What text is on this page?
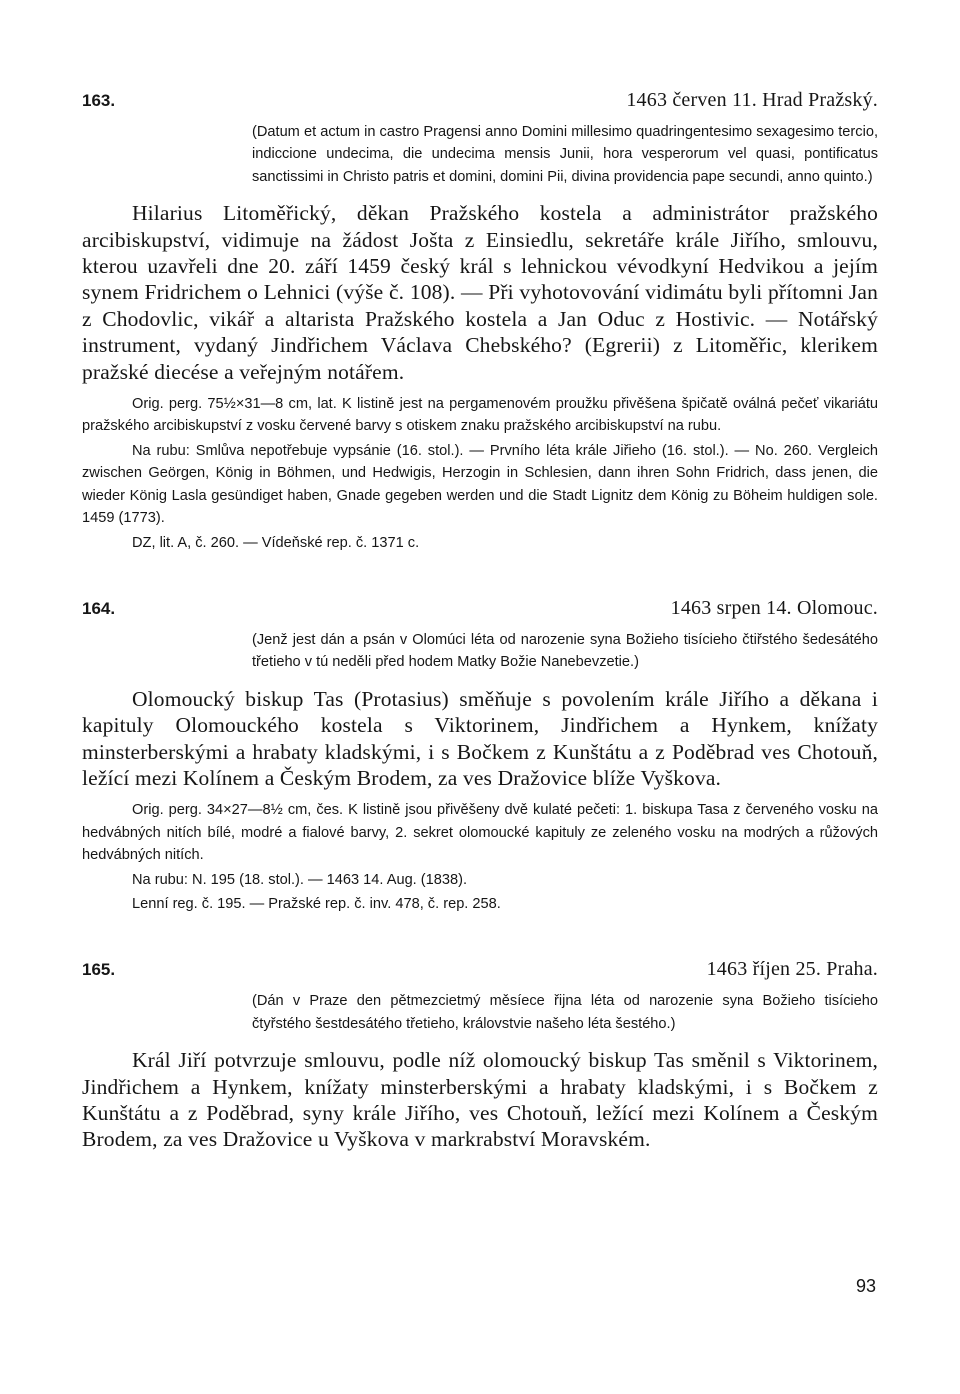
163.	1463 červen 11. Hrad Pražský.
(Datum et actum in castro Pragensi anno Domini millesimo quadringentesimo sexagesimo tercio, indiccione undecima, die undecima mensis Junii, hora vesperorum vel quasi, pontificatus sanctissimi in Christo patris et domini, domini Pii, divina providencia pape secundi, anno quinto.)
Hilarius Litoměřický, děkan Pražského kostela a administrátor pražského arcibiskupství, vidimuje na žádost Jošta z Einsiedlu, sekretáře krále Jiřího, smlouvu, kterou uzavřeli dne 20. září 1459 český král s lehnickou vévodkyní Hedvikou a jejím synem Fridrichem o Lehnici (výše č. 108). — Při vyhotovování vidimátu byli přítomni Jan z Chodovlic, vikář a altarista Pražského kostela a Jan Oduc z Hostivic. — Notářský instrument, vydaný Jindřichem Václava Chebského? (Egrerii) z Litoměřic, klerikem pražské diecése a veřejným notářem.

Orig. perg. 75½×31—8 cm, lat. K listině jest na pergamenovém proužku přivěšena špičatě oválná pečeť vikariátu pražského arcibiskupství z vosku červené barvy s otiskem znaku pražského arcibiskupství na rubu.

Na rubu: Smlůva nepotřebuje vypsánie (16. stol.). — Prvního léta krále Jiřieho (16. stol.). — No. 260. Vergleich zwischen Geörgen, König in Böhmen, und Hedwigis, Herzogin in Schlesien, dann ihren Sohn Fridrich, dass jenen, die wieder König Lasla gesündiget haben, Gnade gegeben werden und die Stadt Lignitz dem König zu Böheim huldigen sole. 1459 (1773).

DZ, lit. A, č. 260. — Vídeňské rep. č. 1371 c.

164.	1463 srpen 14. Olomouc.
(Jenž jest dán a psán v Olomúci léta od narozenie syna Božieho tisícieho čtiřstého šedesátého třetieho v tú neděli před hodem Matky Božie Nanebevzetie.)
Olomoucký biskup Tas (Protasius) směňuje s povolením krále Jiřího a děkana i kapituly Olomouckého kostela s Viktorinem, Jindřichem a Hynkem, knížaty minsterberskými a hrabaty kladskými, i s Bočkem z Kunštátu a z Poděbrad ves Chotouň, ležící mezi Kolínem a Českým Brodem, za ves Dražovice blíže Vyškova.

Orig. perg. 34×27—8½ cm, čes. K listině jsou přivěšeny dvě kulaté pečeti: 1. biskupa Tasa z červeného vosku na hedvábných nitích bílé, modré a fialové barvy, 2. sekret olomoucké kapituly ze zeleného vosku na modrých a růžových hedvábných nitích.

Na rubu: N. 195 (18. stol.). — 1463 14. Aug. (1838).

Lenní reg. č. 195. — Pražské rep. č. inv. 478, č. rep. 258.

165.	1463 říjen 25. Praha.
(Dán v Praze den pětmezcietmý měsíece řijna léta od narozenie syna Božieho tisícieho čtyřstého šestdesátého třetieho, královstvie našeho léta šestého.)
Král Jiří potvrzuje smlouvu, podle níž olomoucký biskup Tas směnil s Viktorinem, Jindřichem a Hynkem, knížaty minsterberskými a hrabaty kladskými, i s Bočkem z Kunštátu a z Poděbrad, syny krále Jiřího, ves Chotouň, ležící mezi Kolínem a Českým Brodem, za ves Dražovice u Vyškova v markrabství Moravském.
93
